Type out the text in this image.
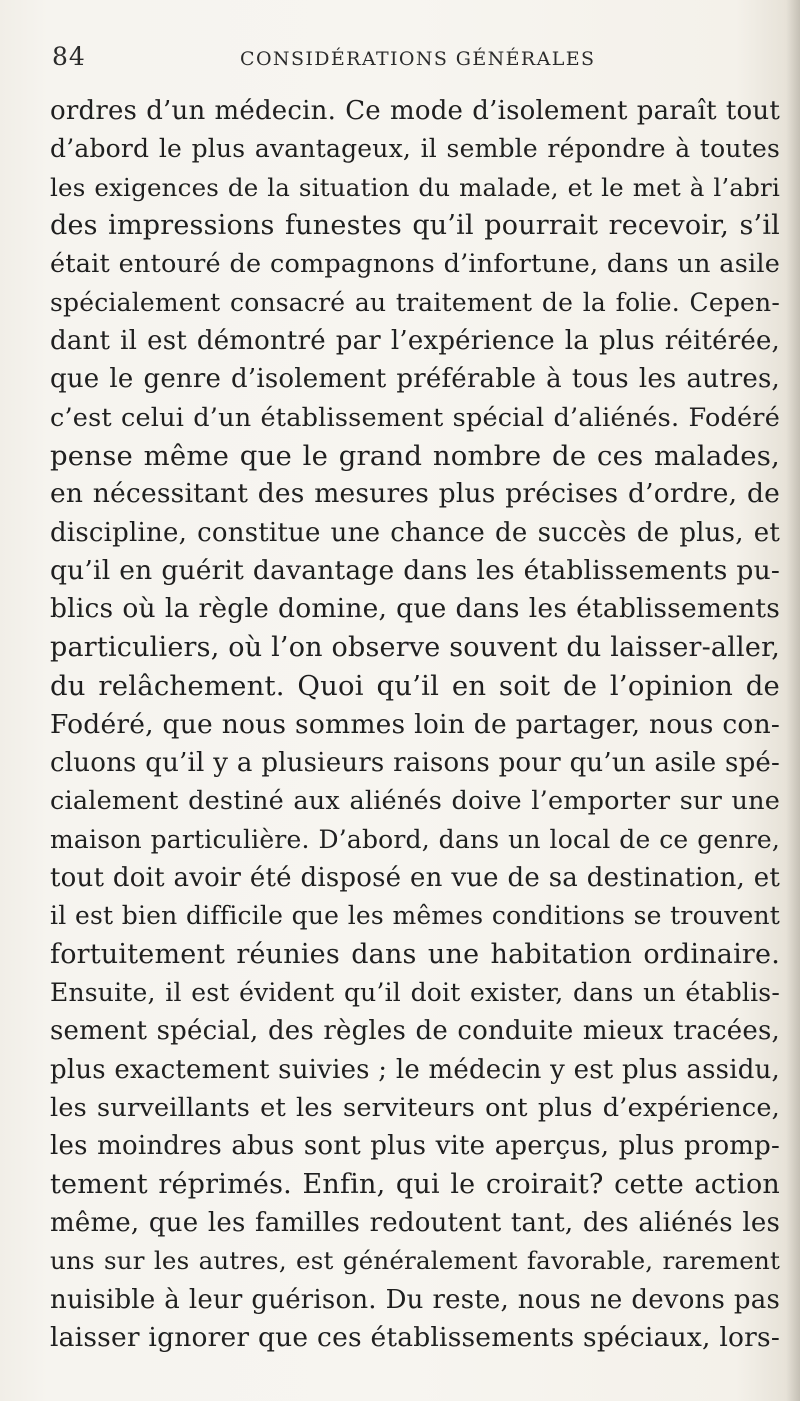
84	CONSIDÉRATIONS GÉNÉRALES
ordres d’un médecin. Ce mode d’isolement paraît tout
d’abord le plus avantageux, il semble répondre à toutes
les exigences de la situation du malade, et le met à l’abri
des impressions funestes qu’il pourrait recevoir, s’il
était entouré de compagnons d’infortune, dans un asile
spécialement consacré au traitement de la folie. Cepen-
dant il est démontré par l’expérience la plus réitérée,
que le genre d’isolement préférable à tous les autres,
c’est celui d’un établissement spécial d’aliénés. Fodéré
pense même que le grand nombre de ces malades,
en nécessitant des mesures plus précises d’ordre, de
discipline, constitue une chance de succès de plus, et
qu’il en guérit davantage dans les établissements pu-
blics où la règle domine, que dans les établissements
particuliers, où l’on observe souvent du laisser-aller,
du relâchement. Quoi qu’il en soit de l’opinion de
Fodéré, que nous sommes loin de partager, nous con-
cluons qu’il y a plusieurs raisons pour qu’un asile spé-
cialement destiné aux aliénés doive l’emporter sur une
maison particulière. D’abord, dans un local de ce genre,
tout doit avoir été disposé en vue de sa destination, et
il est bien difficile que les mêmes conditions se trouvent
fortuitement réunies dans une habitation ordinaire.
Ensuite, il est évident qu’il doit exister, dans un établis-
sement spécial, des règles de conduite mieux tracées,
plus exactement suivies ; le médecin y est plus assidu,
les surveillants et les serviteurs ont plus d’expérience,
les moindres abus sont plus vite aperçus, plus promp-
tement réprimés. Enfin, qui le croirait? cette action
même, que les familles redoutent tant, des aliénés les
uns sur les autres, est généralement favorable, rarement
nuisible à leur guérison. Du reste, nous ne devons pas
laisser ignorer que ces établissements spéciaux, lors-
